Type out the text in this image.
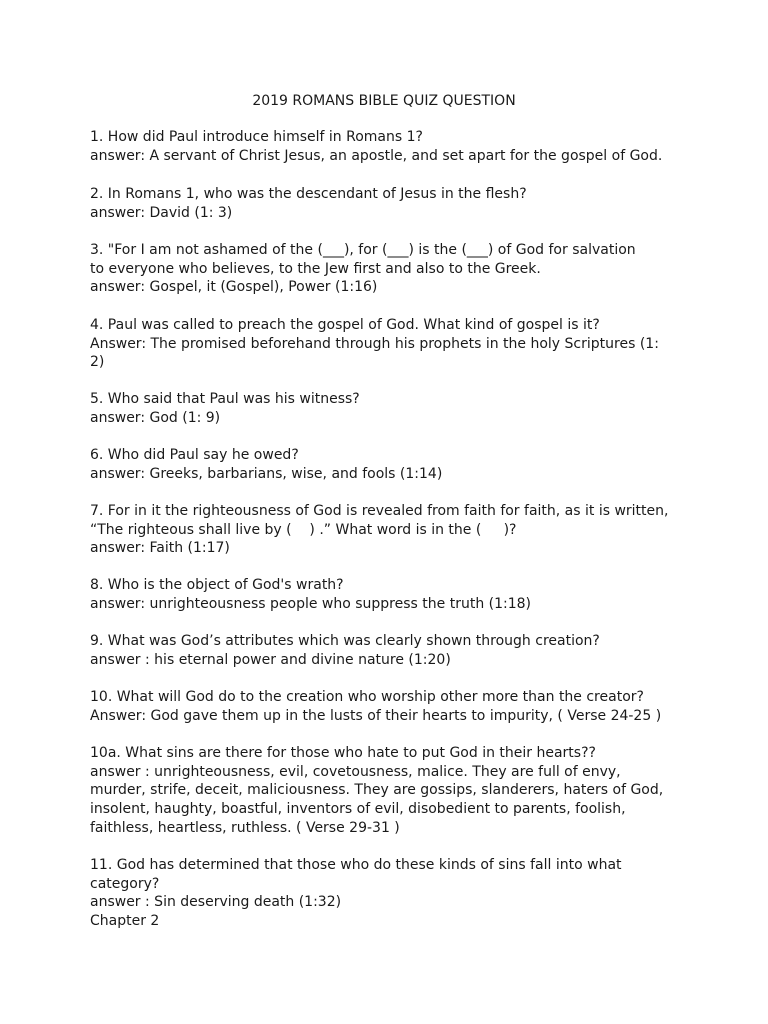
2019 ROMANS BIBLE QUIZ QUESTION
1. How did Paul introduce himself in Romans 1?
answer: A servant of Christ Jesus, an apostle, and set apart for the gospel of God.
2. In Romans 1, who was the descendant of Jesus in the flesh?
answer: David (1: 3)
3. "For I am not ashamed of the (___), for (___) is the (___) of God for salvation
to everyone who believes, to the Jew first and also to the Greek.
answer: Gospel, it (Gospel), Power (1:16)
4. Paul was called to preach the gospel of God. What kind of gospel is it?
Answer: The promised beforehand through his prophets in the holy Scriptures (1:
2)
5. Who said that Paul was his witness?
answer: God (1: 9)
6. Who did Paul say he owed?
answer: Greeks, barbarians, wise, and fools (1:14)
7. For in it the righteousness of God is revealed from faith for faith, as it is written,
“The righteous shall live by (    ) .” What word is in the (     )?
answer: Faith (1:17)
8. Who is the object of God's wrath?
answer: unrighteousness people who suppress the truth (1:18)
9. What was God’s attributes which was clearly shown through creation?
answer : his eternal power and divine nature (1:20)
10. What will God do to the creation who worship other more than the creator?
Answer: God gave them up in the lusts of their hearts to impurity, ( Verse 24-25 )
10a. What sins are there for those who hate to put God in their hearts??
answer : unrighteousness, evil, covetousness, malice. They are full of envy,
murder, strife, deceit, maliciousness. They are gossips, slanderers, haters of God,
insolent, haughty, boastful, inventors of evil, disobedient to parents, foolish,
faithless, heartless, ruthless. ( Verse 29-31 )
11. God has determined that those who do these kinds of sins fall into what
category?
answer : Sin deserving death (1:32)
Chapter 2
